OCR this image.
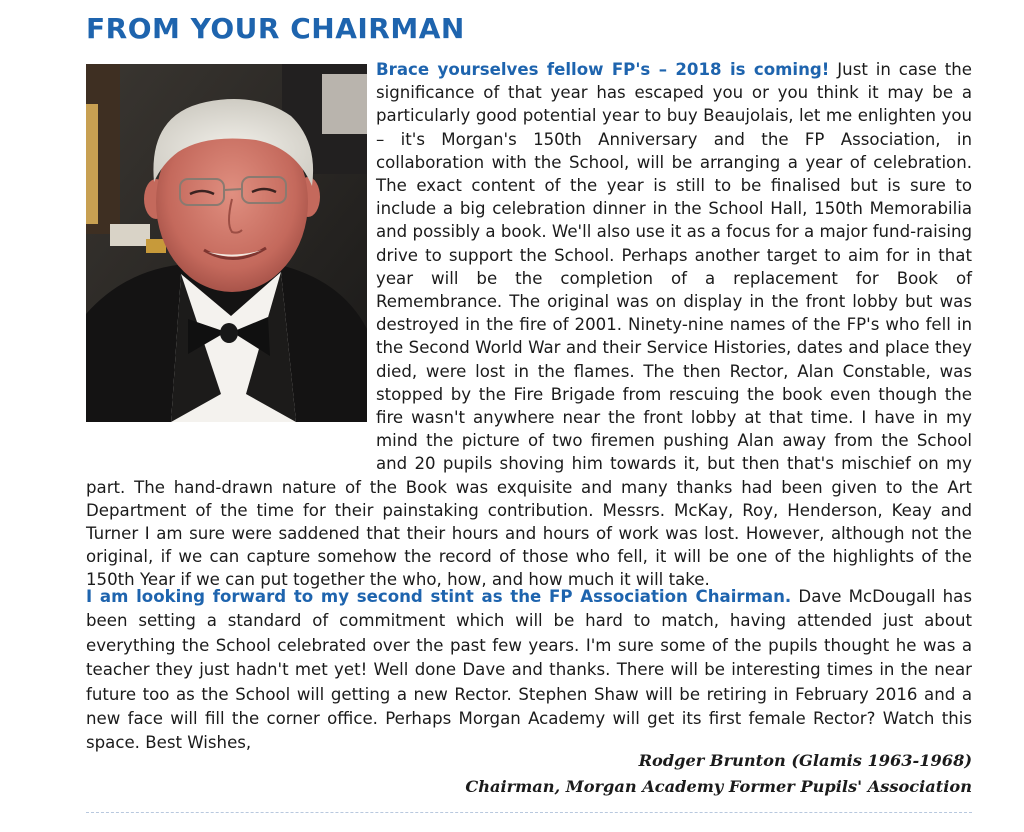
FROM YOUR CHAIRMAN

Brace yourselves fellow FP's – 2018 is coming! Just in case the significance of that year has escaped you or you think it may be a particularly good potential year to buy Beaujolais, let me enlighten you – it's Morgan's 150th Anniversary and the FP Association, in collaboration with the School, will be arranging a year of celebration. The exact content of the year is still to be finalised but is sure to include a big celebration dinner in the School Hall, 150th Memorabilia and possibly a book. We'll also use it as a focus for a major fund-raising drive to support the School. Perhaps another target to aim for in that year will be the completion of a replacement for Book of Remembrance. The original was on display in the front lobby but was destroyed in the fire of 2001. Ninety-nine names of the FP's who fell in the Second World War and their Service Histories, dates and place they died, were lost in the flames. The then Rector, Alan Constable, was stopped by the Fire Brigade from rescuing the book even though the fire wasn't anywhere near the front lobby at that time. I have in my mind the picture of two firemen pushing Alan away from the School and 20 pupils shoving him towards it, but then that's mischief on my part. The hand-drawn nature of the Book was exquisite and many thanks had been given to the Art Department of the time for their painstaking contribution. Messrs. McKay, Roy, Henderson, Keay and Turner I am sure were saddened that their hours and hours of work was lost. However, although not the original, if we can capture somehow the record of those who fell, it will be one of the highlights of the 150th Year if we can put together the who, how, and how much it will take.

I am looking forward to my second stint as the FP Association Chairman. Dave McDougall has been setting a standard of commitment which will be hard to match, having attended just about everything the School celebrated over the past few years. I'm sure some of the pupils thought he was a teacher they just hadn't met yet! Well done Dave and thanks. There will be interesting times in the near future too as the School will getting a new Rector. Stephen Shaw will be retiring in February 2016 and a new face will fill the corner office. Perhaps Morgan Academy will get its first female Rector? Watch this space. Best Wishes,

Rodger Brunton (Glamis 1963-1968)
Chairman, Morgan Academy Former Pupils' Association
